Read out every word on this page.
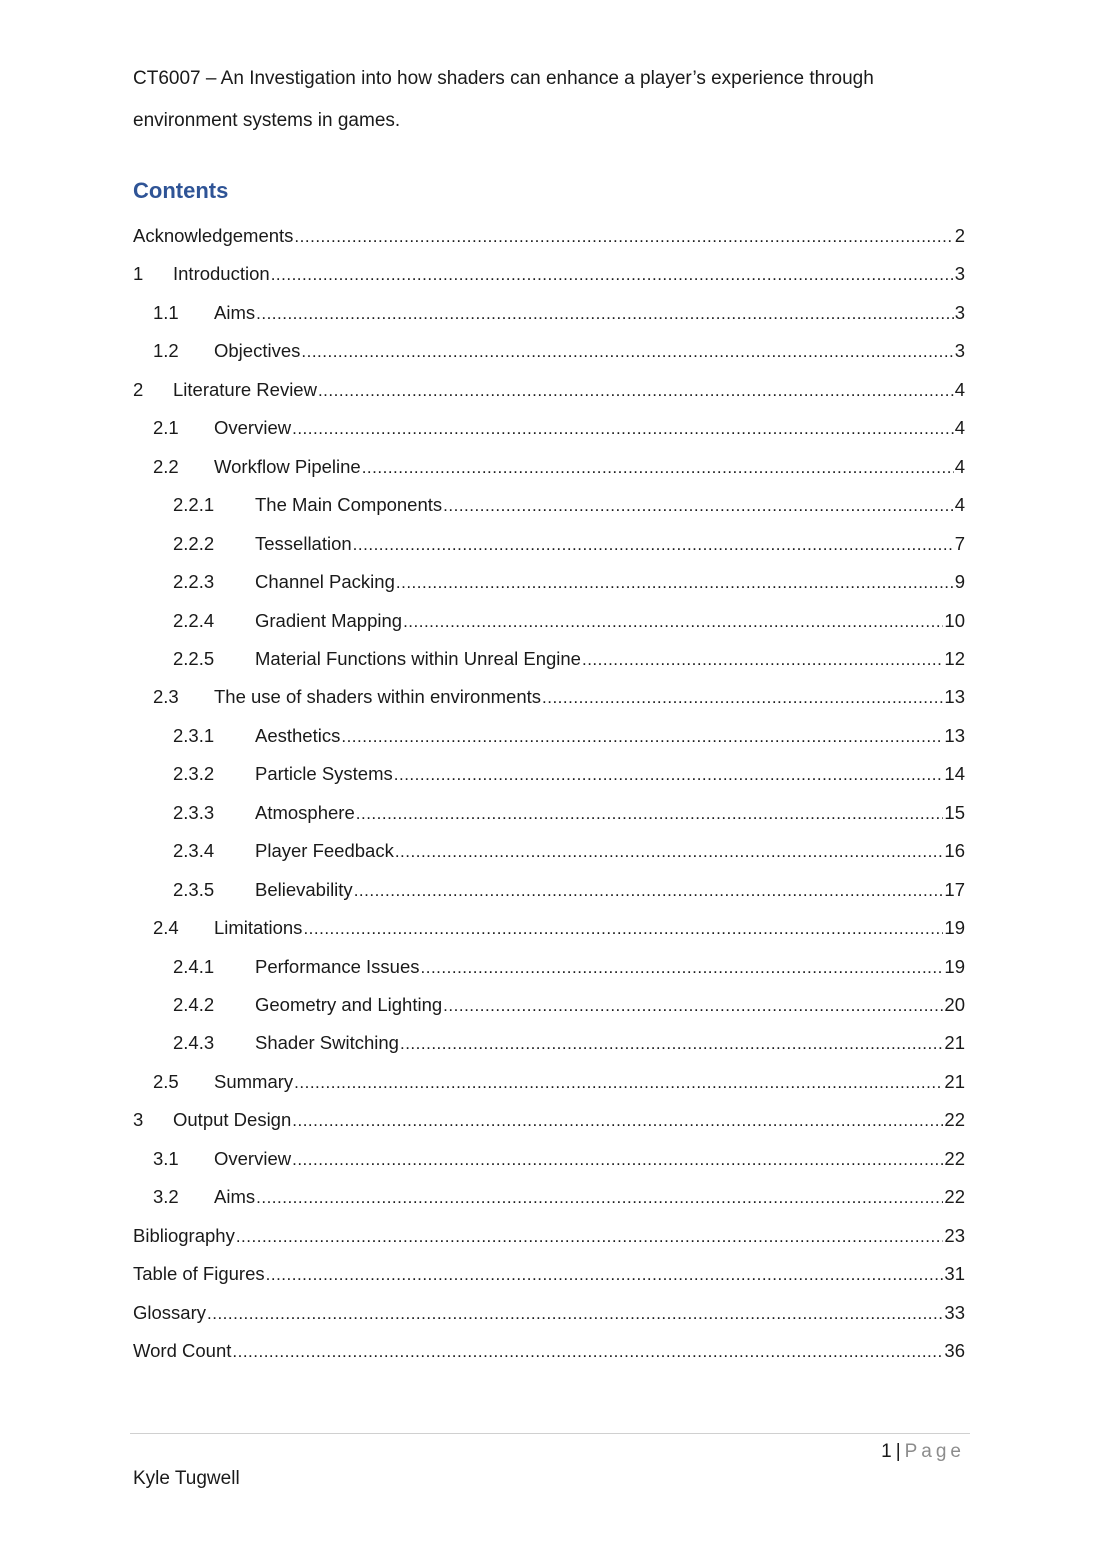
CT6007 – An Investigation into how shaders can enhance a player’s experience through
environment systems in games.
Contents
Acknowledgements .....	2
1	Introduction .....	3
1.1	Aims .....	3
1.2	Objectives .....	3
2	Literature Review .....	4
2.1	Overview .....	4
2.2	Workflow Pipeline .....	4
2.2.1	The Main Components .....	4
2.2.2	Tessellation .....	7
2.2.3	Channel Packing .....	9
2.2.4	Gradient Mapping .....	10
2.2.5	Material Functions within Unreal Engine .....	12
2.3	The use of shaders within environments .....	13
2.3.1	Aesthetics .....	13
2.3.2	Particle Systems .....	14
2.3.3	Atmosphere .....	15
2.3.4	Player Feedback .....	16
2.3.5	Believability .....	17
2.4	Limitations .....	19
2.4.1	Performance Issues .....	19
2.4.2	Geometry and Lighting .....	20
2.4.3	Shader Switching .....	21
2.5	Summary .....	21
3	Output Design .....	22
3.1	Overview .....	22
3.2	Aims .....	22
Bibliography .....	23
Table of Figures .....	31
Glossary .....	33
Word Count .....	36
1 | Page
Kyle Tugwell
